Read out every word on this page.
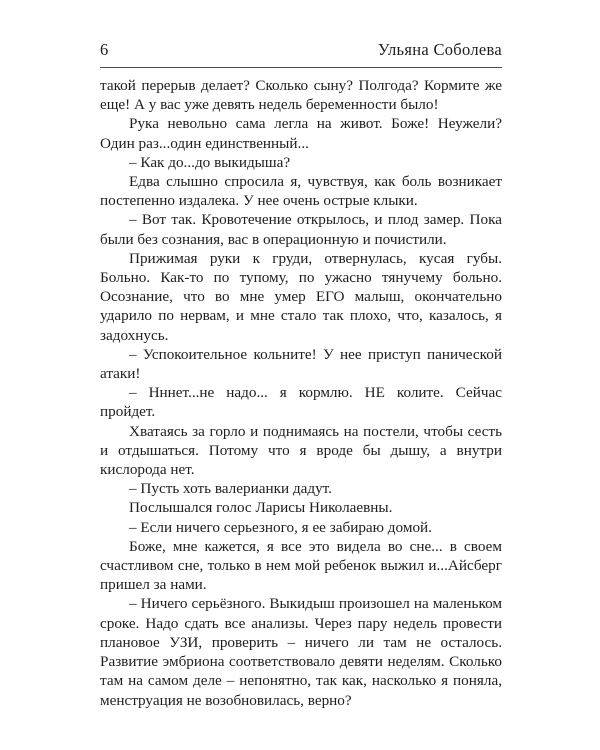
6	Ульяна Соболева

такой перерыв делает? Сколько сыну? Полгода? Кормите же еще! А у вас уже девять недель беременности было!

Рука невольно сама легла на живот. Боже! Неужели? Один раз...один единственный...

– Как до...до выкидыша?

Едва слышно спросила я, чувствуя, как боль возникает постепенно издалека. У нее очень острые клыки.

– Вот так. Кровотечение открылось, и плод замер. Пока были без сознания, вас в операционную и почистили.

Прижимая руки к груди, отвернулась, кусая губы. Больно. Как-то по тупому, по ужасно тянучему больно. Осознание, что во мне умер ЕГО малыш, окончательно ударило по нервам, и мне стало так плохо, что, казалось, я задохнусь.

– Успокоительное кольните! У нее приступ панической атаки!

– Нннет...не надо... я кормлю. НЕ колите. Сейчас пройдет.

Хватаясь за горло и поднимаясь на постели, чтобы сесть и отдышаться. Потому что я вроде бы дышу, а внутри кислорода нет.

– Пусть хоть валерианки дадут.

Послышался голос Ларисы Николаевны.

– Если ничего серьезного, я ее забираю домой.

Боже, мне кажется, я все это видела во сне... в своем счастливом сне, только в нем мой ребенок выжил и...Айсберг пришел за нами.

– Ничего серьёзного. Выкидыш произошел на маленьком сроке. Надо сдать все анализы. Через пару недель провести плановое УЗИ, проверить – ничего ли там не осталось. Развитие эмбриона соответствовало девяти неделям. Сколько там на самом деле – непонятно, так как, насколько я поняла, менструация не возобновилась, верно?
